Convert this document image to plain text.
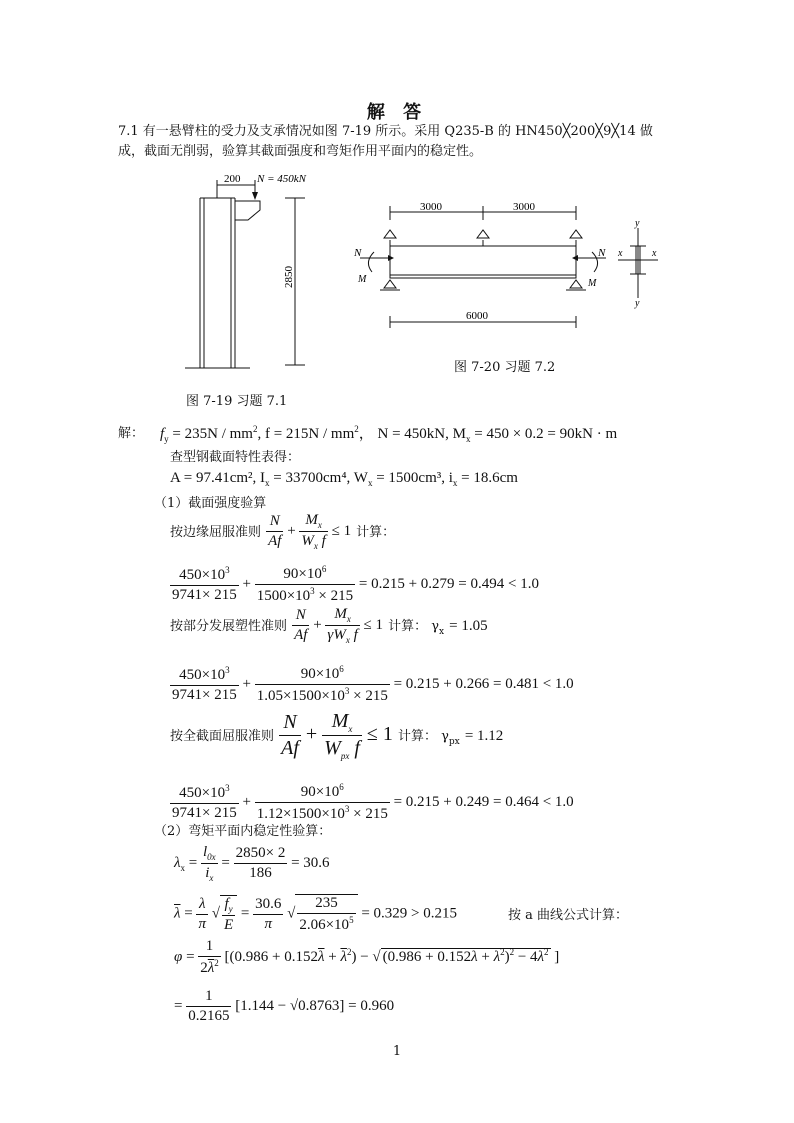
解 答
7.1 有一悬臂柱的受力及支承情况如图 7-19 所示。采用 Q235-B 的 HN450╳200╳9╳14 做
成，截面无削弱，验算其截面强度和弯矩作用平面内的稳定性。
200 N = 450kN
2850
图 7-19 习题 7.1
3000	3000
6000
N	N
M	M
y
y
x	x
图 7-20 习题 7.2
解： $f_y = 235N / mm^2$, $f = 215N / mm^2$， N = 450kN, $M_x = 450 \times 0.2 = 90kN \cdot m$
查型钢截面特性表得：
A = 97.41cm², $I_x = 33700cm^4$, $W_x = 1500cm^3$, $i_x = 18.6cm$
（1）截面强度验算
按边缘屈服准则 $\frac{N}{Af} + \frac{M_x}{W_x f} \le 1$ 计算：
$\frac{450\times 10^3}{9741\times 215} + \frac{90\times 10^6}{1500\times 10^3 \times 215} = 0.215 + 0.279 = 0.494 < 1.0$
按部分发展塑性准则 $\frac{N}{Af} + \frac{M_x}{\gamma W_x f} \le 1$ 计算： $\gamma_x = 1.05$
$\frac{450\times 10^3}{9741\times 215} + \frac{90\times 10^6}{1.05\times 1500\times 10^3 \times 215} = 0.215 + 0.266 = 0.481 < 1.0$
按全截面屈服准则 $\frac{N}{Af} + \frac{M_x}{W_{px} f} \le 1$ 计算： $\gamma_{px} = 1.12$
$\frac{450\times 10^3}{9741\times 215} + \frac{90\times 10^6}{1.12\times 1500\times 10^3 \times 215} = 0.215 + 0.249 = 0.464 < 1.0$
（2）弯矩平面内稳定性验算：
$\lambda_x = \frac{l_{0x}}{i_x} = \frac{2850\times 2}{186} = 30.6$
$\overline{\lambda} = \frac{\lambda}{\pi}$ √ $\frac{f_y}{E} = \frac{30.6}{\pi}$ √ $\frac{235}{2.06\times 10^5} = 0.329 > 0.215$	按 a 曲线公式计算：
$\varphi = \frac{1}{2\overline{\lambda}^2} [(0.986 + 0.152\overline{\lambda} + \overline{\lambda}^2)$ − √ $(0.986 + 0.152\overline{\lambda} + \overline{\lambda}^2)^2 - 4\overline{\lambda}^2$ ]
= $\frac{1}{0.2165} [1.144 - √0.8763] = 0.960$
1
